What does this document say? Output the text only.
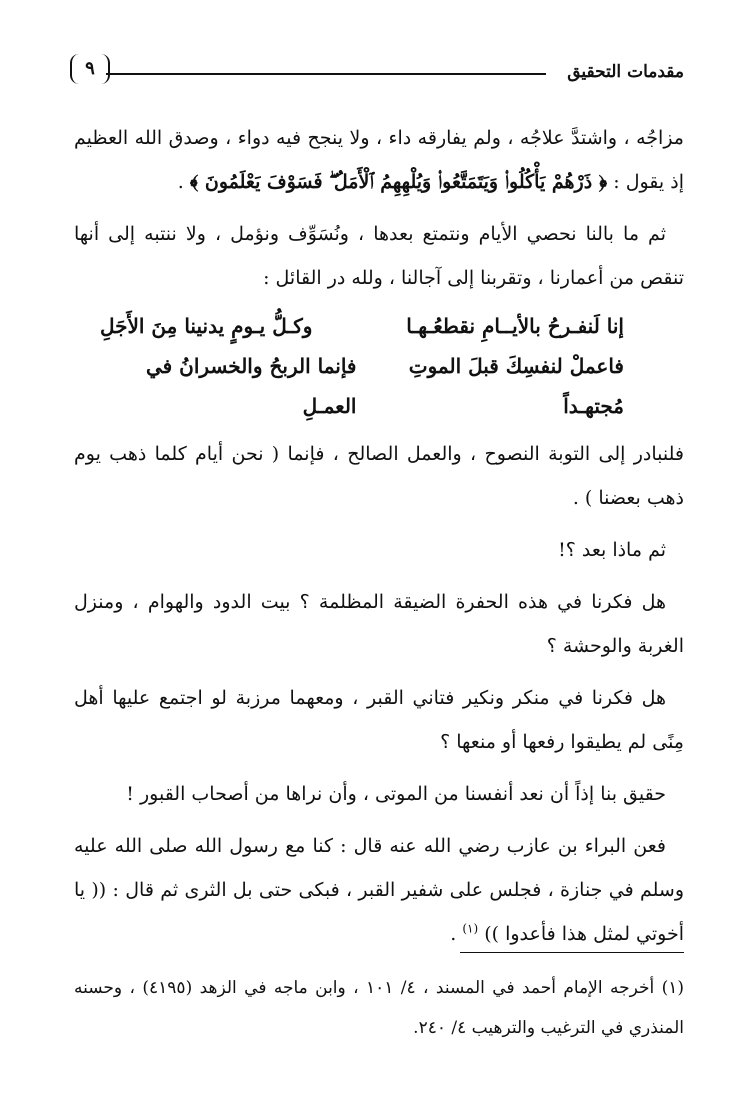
مقدمات التحقيق
٩

مزاجُه ، واشتدَّ علاجُه ، ولم يفارقه داء ، ولا ينجح فيه دواء ، وصدق الله العظيم إذ يقول : ﴿ ذَرْهُمْ يَأْكُلُوا۟ وَيَتَمَتَّعُوا۟ وَيُلْهِهِمُ ٱلْأَمَلُ ۖ فَسَوْفَ يَعْلَمُونَ ﴾ .

ثم ما بالنا نحصي الأيام ونتمتع بعدها ، ونُسَوِّف ونؤمل ، ولا ننتبه إلى أنها تنقص من أعمارنا ، وتقربنا إلى آجالنا ، ولله در القائل :

إنا لَنفـرحُ بالأيــامِ نقطعُـهـا
وكـلُّ يـومٍ يدنينا مِنَ الأَجَلِ
فاعملْ لنفسِكَ قبلَ الموتِ مُجتهـداً
فإنما الربحُ والخسرانُ في العمـلِ

فلنبادر إلى التوبة النصوح ، والعمل الصالح ، فإنما ( نحن أيام كلما ذهب يوم ذهب بعضنا ) .

ثم ماذا بعد ؟!

هل فكرنا في هذه الحفرة الضيقة المظلمة ؟ بيت الدود والهوام ، ومنزل الغربة والوحشة ؟

هل فكرنا في منكر ونكير فتاني القبر ، ومعهما مرزبة لو اجتمع عليها أهل مِنًى لم يطيقوا رفعها أو منعها ؟

حقيق بنا إذاً أن نعد أنفسنا من الموتى ، وأن نراها من أصحاب القبور !

فعن البراء بن عازب رضي الله عنه قال : كنا مع رسول الله صلى الله عليه وسلم في جنازة ، فجلس على شفير القبر ، فبكى حتى بل الثرى ثم قال : (( يا أخوتي لمثل هذا فأعدوا )) $^{(١)}$ .

(١) أخرجه الإمام أحمد في المسند ، ٤/ ١٠١ ، وابن ماجه في الزهد (٤١٩٥) ، وحسنه المنذري في الترغيب والترهيب ٤/ ٢٤٠.
